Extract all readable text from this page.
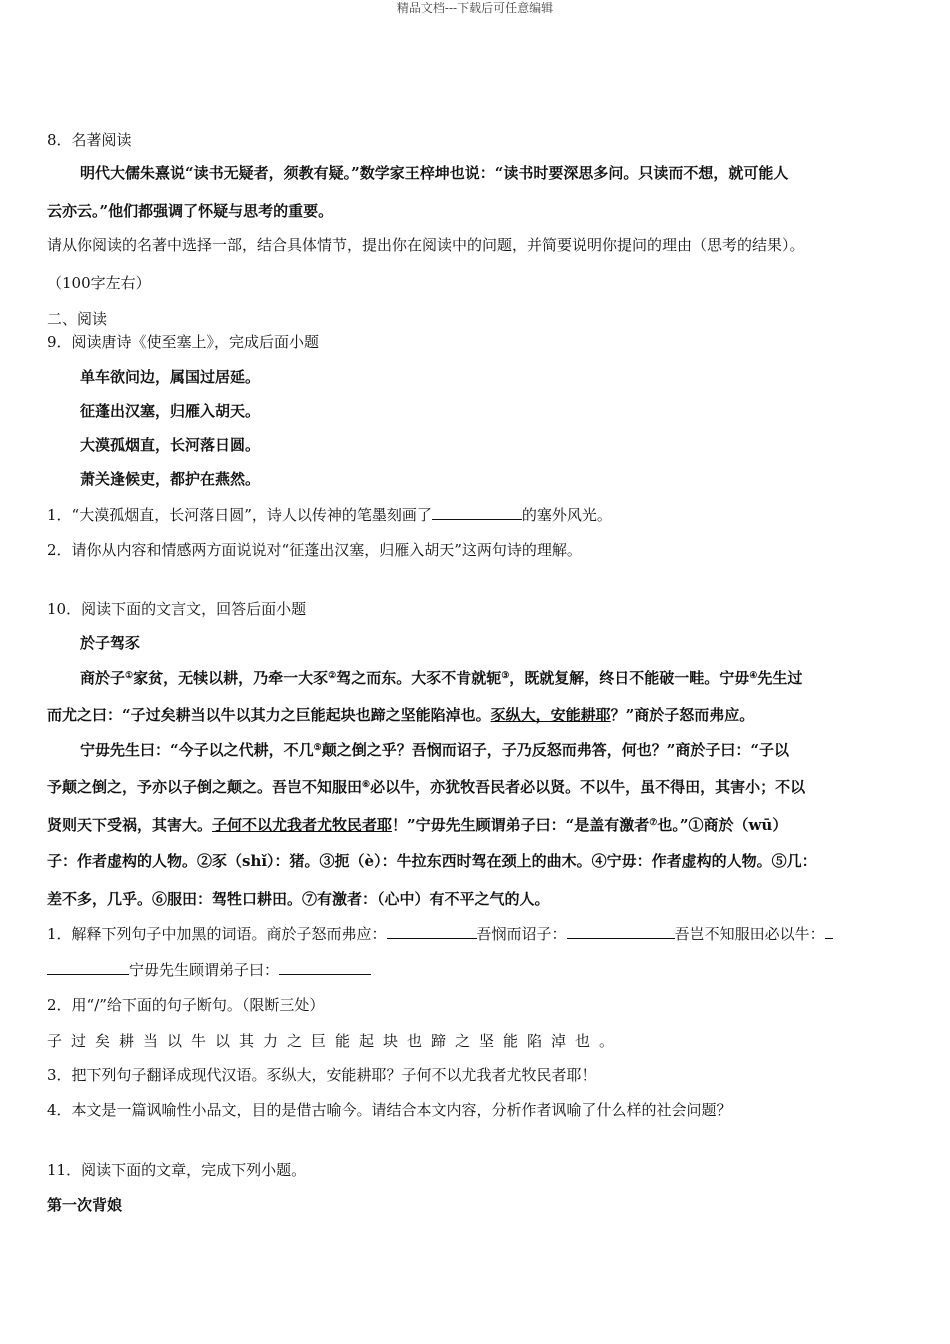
精品文档---下载后可任意编辑
8．名著阅读
明代大儒朱熹说“读书无疑者，须教有疑。”数学家王梓坤也说：“读书时要深思多问。只读而不想，就可能人
云亦云。”他们都强调了怀疑与思考的重要。
请从你阅读的名著中选择一部，结合具体情节，提出你在阅读中的问题，并简要说明你提问的理由（思考的结果）。
（100字左右）
二、阅读
9．阅读唐诗《使至塞上》，完成后面小题
单车欲问边，属国过居延。
征蓬出汉塞，归雁入胡天。
大漠孤烟直，长河落日圆。
萧关逢候吏，都护在燕然。
1．“大漠孤烟直，长河落日圆”，诗人以传神的笔墨刻画了	的塞外风光。
2．请你从内容和情感两方面说说对“征蓬出汉塞，归雁入胡天”这两句诗的理解。
10．阅读下面的文言文，回答后面小题
於子驾豕
商於子①家贫，无犊以耕，乃牵一大豕②驾之而东。大豕不肯就轭③，既就复解，终日不能破一畦。宁毋④先生过
而尤之曰：“子过矣耕当以牛以其力之巨能起块也蹄之坚能陷淖也。豕纵大，安能耕耶？”商於子怒而弗应。
宁毋先生曰：“今子以之代耕，不几⑤颠之倒之乎？吾悯而诏子，子乃反怒而弗答，何也？”商於子曰：“子以
予颠之倒之，予亦以子倒之颠之。吾岂不知服田⑥必以牛，亦犹牧吾民者必以贤。不以牛，虽不得田，其害小；不以
贤则天下受祸，其害大。子何不以尤我者尤牧民者耶！”宁毋先生顾谓弟子曰：“是盖有激者⑦也。”①商於（wū）
子：作者虚构的人物。②豕（shǐ）：猪。③扼（è）：牛拉东西时驾在颈上的曲木。④宁毋：作者虚构的人物。⑤几：
差不多，几乎。⑥服田：驾牲口耕田。⑦有激者：（心中）有不平之气的人。
1．解释下列句子中加黑的词语。商於子怒而弗应：	吾悯而诏子：	吾岂不知服田必以牛：
宁毋先生顾谓弟子曰：
2．用“/”给下面的句子断句。（限断三处）
子过矣耕当以牛以其力之巨能起块也蹄之坚能陷淖也。
3．把下列句子翻译成现代汉语。豕纵大，安能耕耶？子何不以尤我者尤牧民者耶！
4．本文是一篇讽喻性小品文，目的是借古喻今。请结合本文内容，分析作者讽喻了什么样的社会问题？
11．阅读下面的文章，完成下列小题。
第一次背娘
